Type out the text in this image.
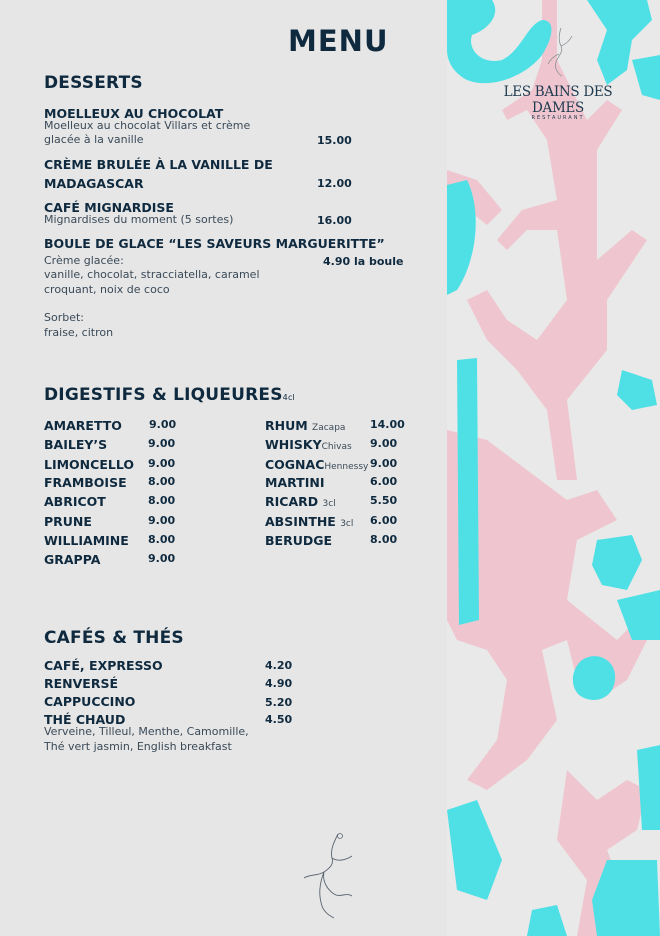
LES BAINS DES DAMES
RESTAURANT
MENU
DESSERTS
MOELLEUX AU CHOCOLAT
Moelleux au chocolat Villars et crème
glacée à la vanille	15.00
CRÈME BRULÉE À LA VANILLE DE
MADAGASCAR	12.00
CAFÉ MIGNARDISE
Mignardises du moment (5 sortes)	16.00
BOULE DE GLACE “LES SAVEURS MARGUERITTE”
Crème glacée:	4.90 la boule
vanille, chocolat, stracciatella, caramel
croquant, noix de coco
Sorbet:
fraise, citron
DIGESTIFS & LIQUEURES4cl
AMARETTO 9.00
BAILEY’S	9.00
LIMONCELLO 9.00
FRAMBOISE 8.00
ABRICOT	8.00
PRUNE	9.00
WILLIAMINE 8.00
GRAPPA	9.00
RHUM Zacapa 14.00
WHISKYChivas 9.00
COGNACHennessy 9.00
MARTINI	6.00
RICARD 3cl	5.50
ABSINTHE 3cl 6.00
BERUDGE	8.00
CAFÉS & THÉS
CAFÉ, EXPRESSO	4.20
RENVERSÉ	4.90
CAPPUCCINO	5.20
THÉ CHAUD	4.50
Verveine, Tilleul, Menthe, Camomille,
Thé vert jasmin, English breakfast
